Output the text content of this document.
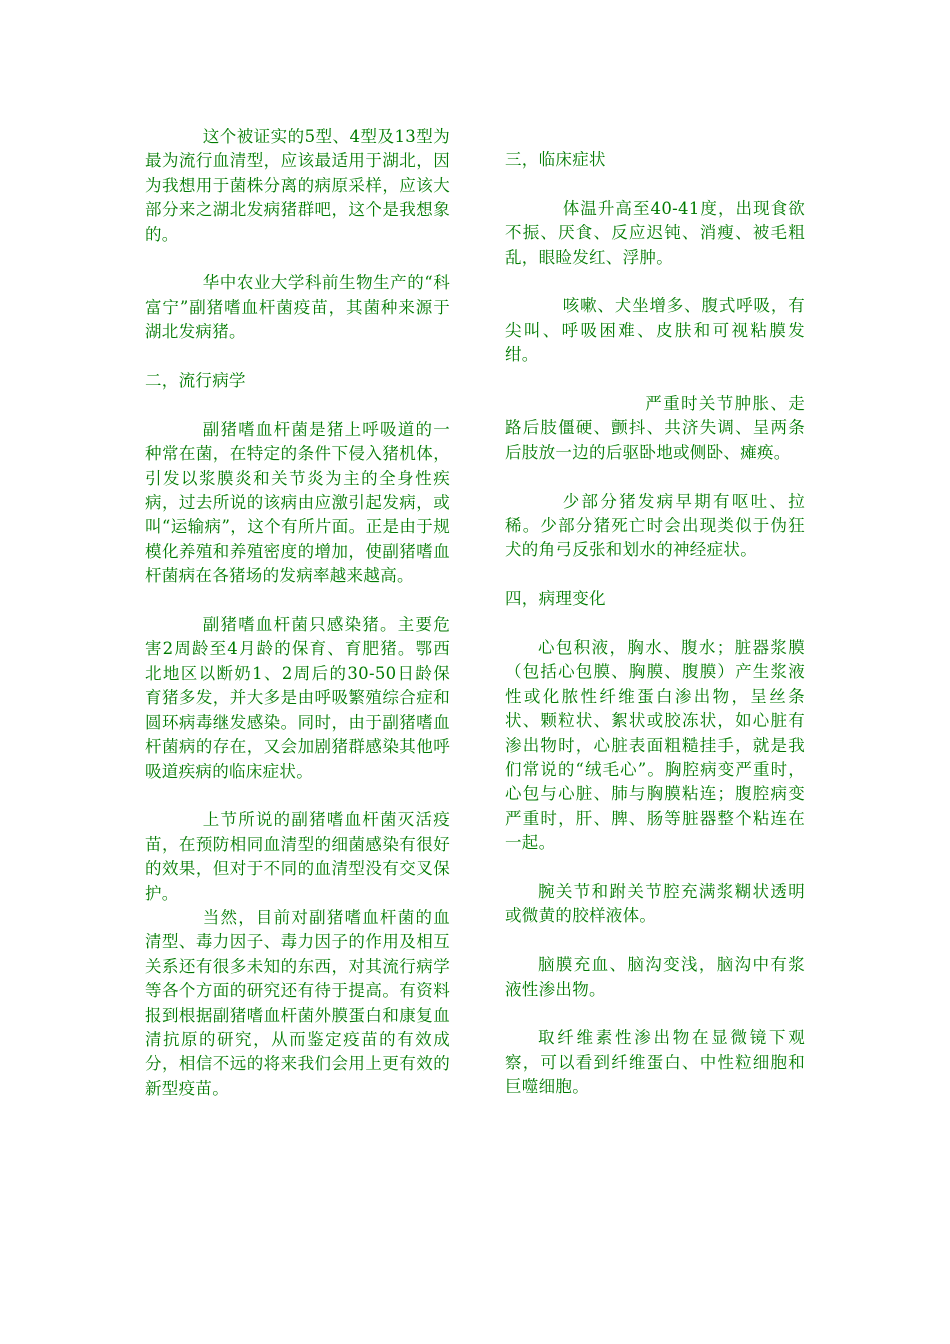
这个被证实的5型、4型及13型为最为流行血清型，应该最适用于湖北，因为我想用于菌株分离的病原采样，应该大部分来之湖北发病猪群吧，这个是我想象的。

华中农业大学科前生物生产的“科富宁”副猪嗜血杆菌疫苗，其菌种来源于湖北发病猪。

二，流行病学

副猪嗜血杆菌是猪上呼吸道的一种常在菌，在特定的条件下侵入猪机体，引发以浆膜炎和关节炎为主的全身性疾病，过去所说的该病由应激引起发病，或叫“运输病”，这个有所片面。正是由于规模化养殖和养殖密度的增加，使副猪嗜血杆菌病在各猪场的发病率越来越高。

副猪嗜血杆菌只感染猪。主要危害2周龄至4月龄的保育、育肥猪。鄂西北地区以断奶1、2周后的30-50日龄保育猪多发，并大多是由呼吸繁殖综合症和圆环病毒继发感染。同时，由于副猪嗜血杆菌病的存在，又会加剧猪群感染其他呼吸道疾病的临床症状。

上节所说的副猪嗜血杆菌灭活疫苗，在预防相同血清型的细菌感染有很好的效果，但对于不同的血清型没有交叉保护。

当然，目前对副猪嗜血杆菌的血清型、毒力因子、毒力因子的作用及相互关系还有很多未知的东西，对其流行病学等各个方面的研究还有待于提高。有资料报到根据副猪嗜血杆菌外膜蛋白和康复血清抗原的研究，从而鉴定疫苗的有效成分，相信不远的将来我们会用上更有效的新型疫苗。

三，临床症状

体温升高至40-41度，出现食欲不振、厌食、反应迟钝、消瘦、被毛粗乱，眼睑发红、浮肿。

咳嗽、犬坐增多、腹式呼吸，有尖叫、呼吸困难、皮肤和可视粘膜发绀。

严重时关节肿胀、走路后肢僵硬、颤抖、共济失调、呈两条后肢放一边的后驱卧地或侧卧、瘫痪。

少部分猪发病早期有呕吐、拉稀。少部分猪死亡时会出现类似于伪狂犬的角弓反张和划水的神经症状。

四，病理变化

心包积液，胸水、腹水；脏器浆膜（包括心包膜、胸膜、腹膜）产生浆液性或化脓性纤维蛋白渗出物，呈丝条状、颗粒状、絮状或胶冻状，如心脏有渗出物时，心脏表面粗糙挂手，就是我们常说的“绒毛心”。胸腔病变严重时，心包与心脏、肺与胸膜粘连；腹腔病变严重时，肝、脾、肠等脏器整个粘连在一起。

腕关节和跗关节腔充满浆糊状透明或微黄的胶样液体。

脑膜充血、脑沟变浅，脑沟中有浆液性渗出物。

取纤维素性渗出物在显微镜下观察，可以看到纤维蛋白、中性粒细胞和巨噬细胞。
